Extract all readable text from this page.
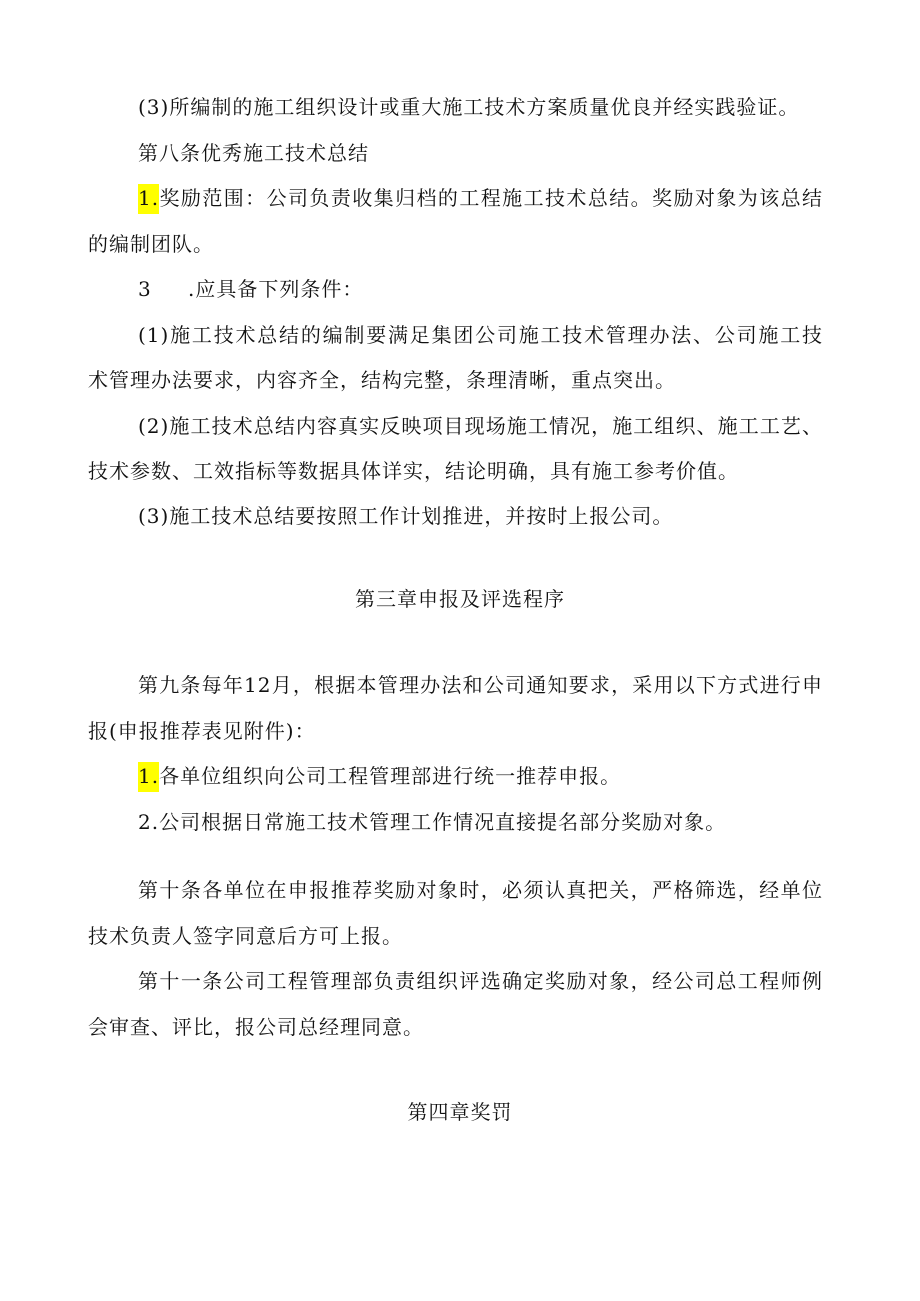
(3)所编制的施工组织设计或重大施工技术方案质量优良并经实践验证。
第八条优秀施工技术总结
1.奖励范围：公司负责收集归档的工程施工技术总结。奖励对象为该总结
的编制团队。
3 .应具备下列条件：
(1)施工技术总结的编制要满足集团公司施工技术管理办法、公司施工技
术管理办法要求，内容齐全，结构完整，条理清晰，重点突出。
(2)施工技术总结内容真实反映项目现场施工情况，施工组织、施工工艺、
技术参数、工效指标等数据具体详实，结论明确，具有施工参考价值。
(3)施工技术总结要按照工作计划推进，并按时上报公司。
第三章申报及评选程序
第九条每年12月，根据本管理办法和公司通知要求，采用以下方式进行申
报(申报推荐表见附件)：
1.各单位组织向公司工程管理部进行统一推荐申报。
2.公司根据日常施工技术管理工作情况直接提名部分奖励对象。
第十条各单位在申报推荐奖励对象时，必须认真把关，严格筛选，经单位
技术负责人签字同意后方可上报。
第十一条公司工程管理部负责组织评选确定奖励对象，经公司总工程师例
会审查、评比，报公司总经理同意。
第四章奖罚
